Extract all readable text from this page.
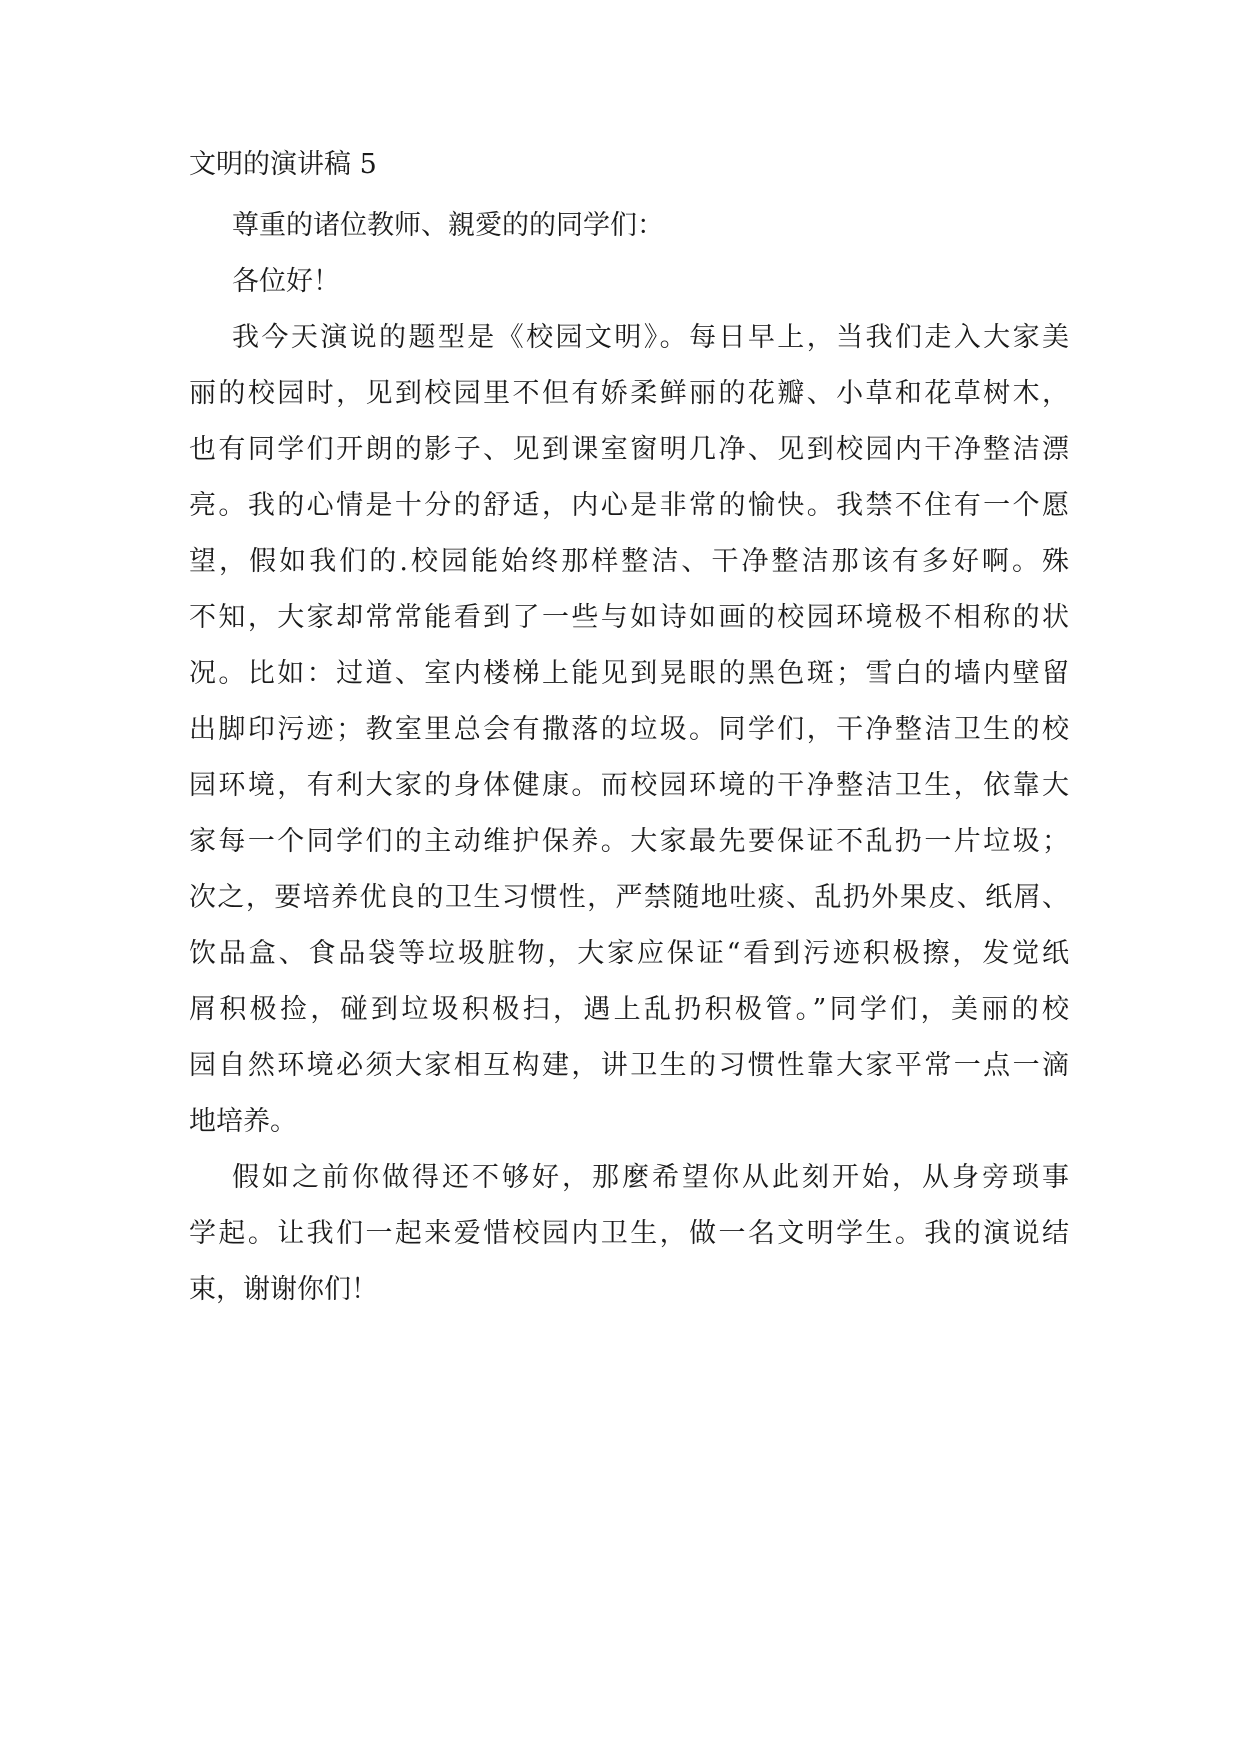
文明的演讲稿 5
尊重的诸位教师、親愛的的同学们：
各位好！
我今天演说的题型是《校园文明》。每日早上，当我们走入大家美
丽的校园时，见到校园里不但有娇柔鲜丽的花瓣、小草和花草树木，
也有同学们开朗的影子、见到课室窗明几净、见到校园内干净整洁漂
亮。我的心情是十分的舒适，内心是非常的愉快。我禁不住有一个愿
望，假如我们的.校园能始终那样整洁、干净整洁那该有多好啊。殊
不知，大家却常常能看到了一些与如诗如画的校园环境极不相称的状
况。比如：过道、室内楼梯上能见到晃眼的黑色斑；雪白的墙内壁留
出脚印污迹；教室里总会有撒落的垃圾。同学们，干净整洁卫生的校
园环境，有利大家的身体健康。而校园环境的干净整洁卫生，依靠大
家每一个同学们的主动维护保养。大家最先要保证不乱扔一片垃圾；
次之，要培养优良的卫生习惯性，严禁随地吐痰、乱扔外果皮、纸屑、
饮品盒、食品袋等垃圾脏物，大家应保证“看到污迹积极擦，发觉纸
屑积极捡，碰到垃圾积极扫，遇上乱扔积极管。”同学们，美丽的校
园自然环境必须大家相互构建，讲卫生的习惯性靠大家平常一点一滴
地培养。
假如之前你做得还不够好，那麼希望你从此刻开始，从身旁琐事
学起。让我们一起来爱惜校园内卫生，做一名文明学生。我的演说结
束，谢谢你们！
